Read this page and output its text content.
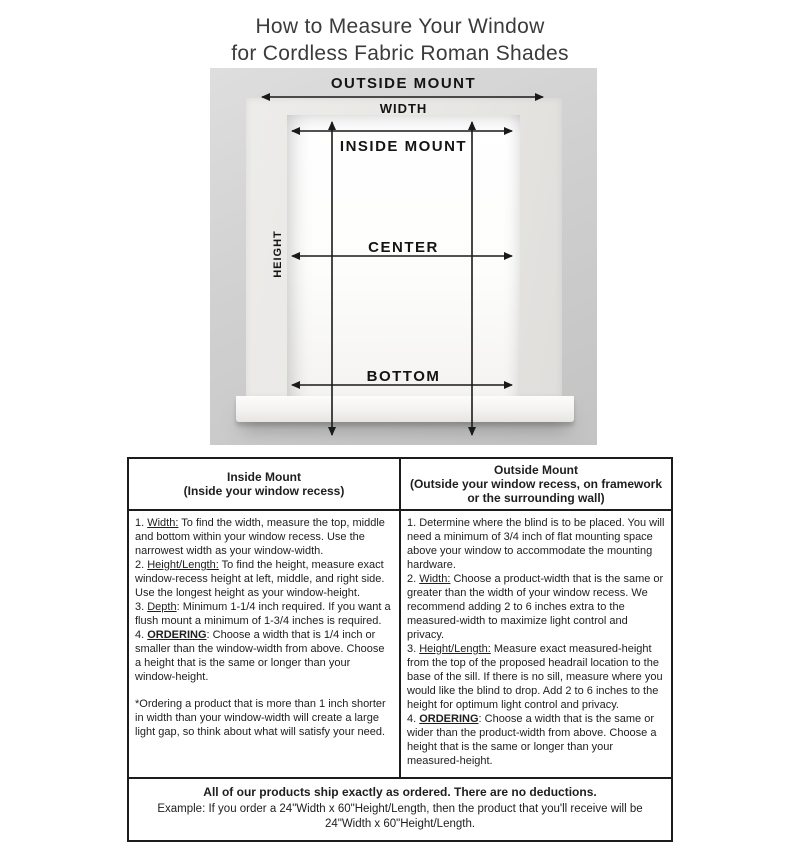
How to Measure Your Window
for Cordless Fabric Roman Shades
OUTSIDE MOUNT
WIDTH
INSIDE MOUNT
HEIGHT	CENTER
BOTTOM
Inside Mount
(Inside your window recess)
Outside Mount
(Outside your window recess, on framework or the surrounding wall)
1. Width: To find the width, measure the top, middle and bottom within your window recess. Use the narrowest width as your window-width.
2. Height/Length: To find the height, measure exact window-recess height at left, middle, and right side. Use the longest height as your window-height.
3. Depth: Minimum 1-1/4 inch required. If you want a flush mount a minimum of 1-3/4 inches is required.
4. ORDERING: Choose a width that is 1/4 inch or smaller than the window-width from above. Choose a height that is the same or longer than your window-height.
*Ordering a product that is more than 1 inch shorter in width than your window-width will create a large light gap, so think about what will satisfy your need.
1. Determine where the blind is to be placed. You will need a minimum of 3/4 inch of flat mounting space above your window to accommodate the mounting hardware.
2. Width: Choose a product-width that is the same or greater than the width of your window recess. We recommend adding 2 to 6 inches extra to the measured-width to maximize light control and privacy.
3. Height/Length: Measure exact measured-height from the top of the proposed headrail location to the base of the sill. If there is no sill, measure where you would like the blind to drop. Add 2 to 6 inches to the height for optimum light control and privacy.
4. ORDERING: Choose a width that is the same or wider than the product-width from above. Choose a height that is the same or longer than your measured-height.
All of our products ship exactly as ordered. There are no deductions.
Example: If you order a 24"Width x 60"Height/Length, then the product that you'll receive will be
24"Width x 60"Height/Length.
